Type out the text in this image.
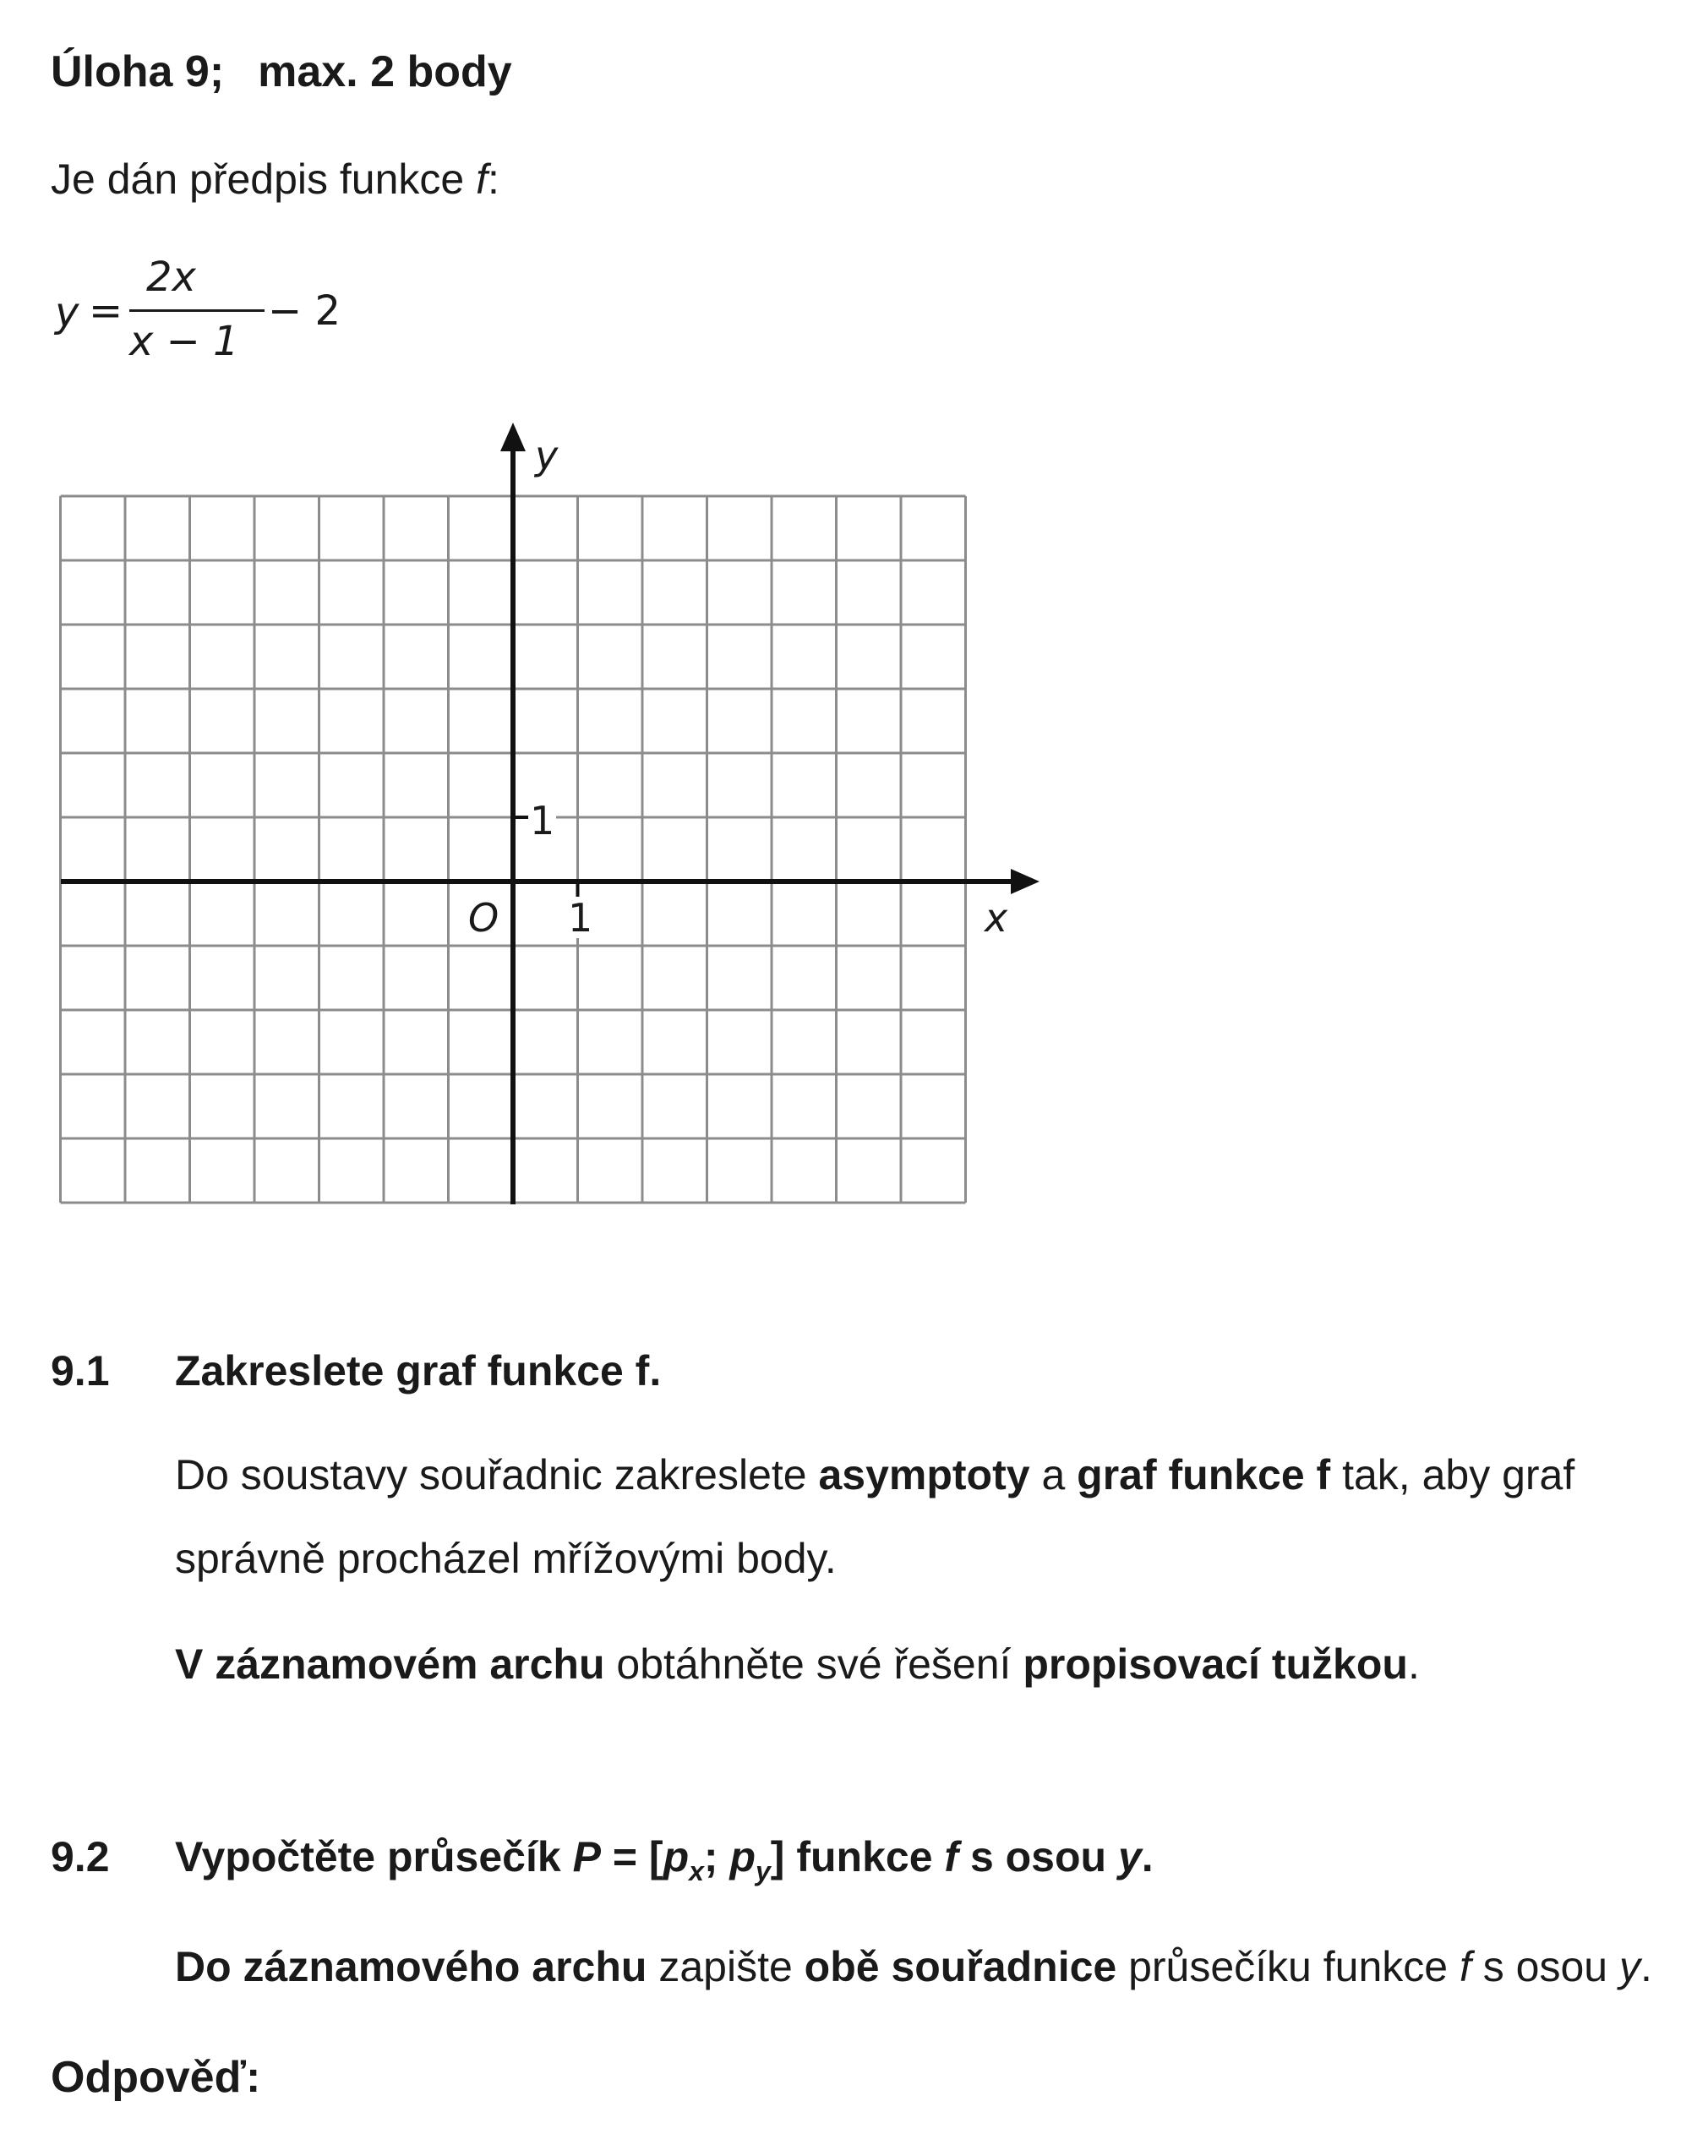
Úloha 9; max. 2 body
Je dán předpis funkce f:
y =
2x
x − 1
− 2
y
x
O
1
1
9.1 Zakreslete graf funkce f.
Do soustavy souřadnic zakreslete asymptoty a graf funkce f tak, aby graf
správně procházel mřížovými body.
V záznamovém archu obtáhněte své řešení propisovací tužkou.
9.2 Vypočtěte průsečík $P = [p_x$; $p_y$] funkce f s osou y.
Do záznamového archu zapište obě souřadnice průsečíku funkce f s osou y.
Odpověď:
